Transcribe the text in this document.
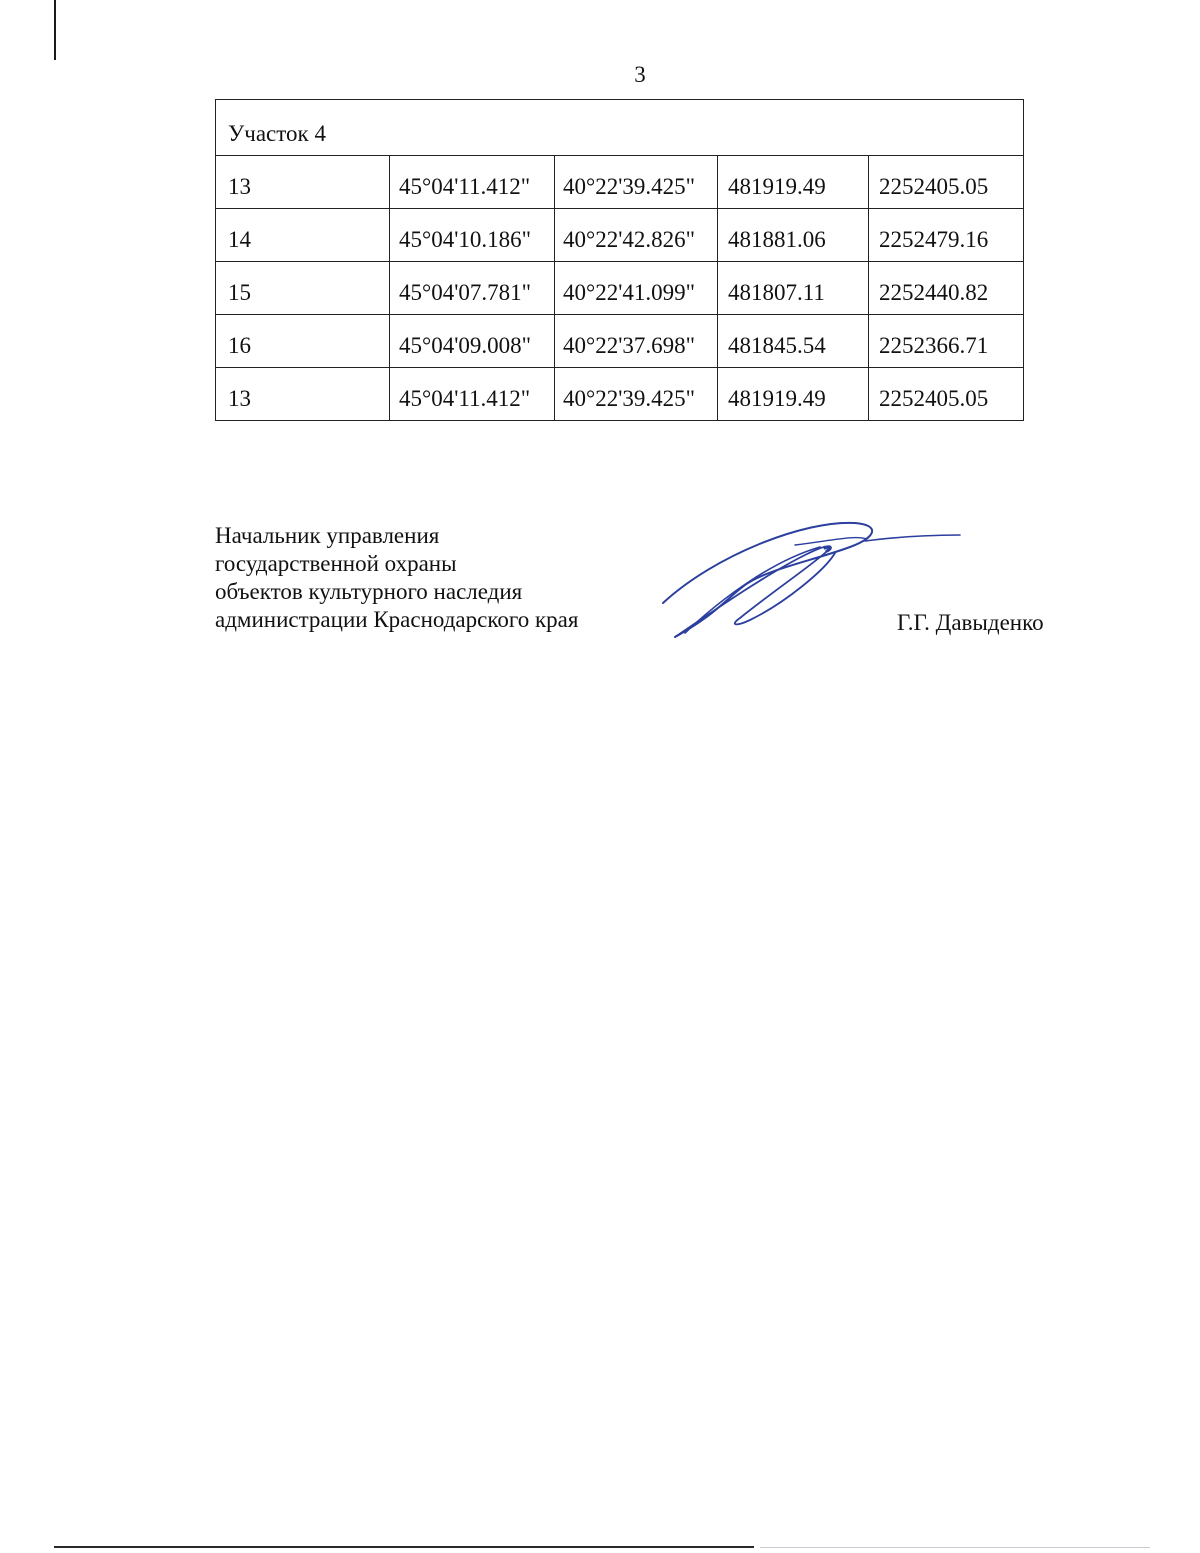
3
Участок 4				
13	45°04'11.412"	40°22'39.425"	481919.49	2252405.05
14	45°04'10.186"	40°22'42.826"	481881.06	2252479.16
15	45°04'07.781"	40°22'41.099"	481807.11	2252440.82
16	45°04'09.008"	40°22'37.698"	481845.54	2252366.71
13	45°04'11.412"	40°22'39.425"	481919.49	2252405.05
Начальник управления
государственной охраны
объектов культурного наследия
администрации Краснодарского края	Г.Г. Давыденко
